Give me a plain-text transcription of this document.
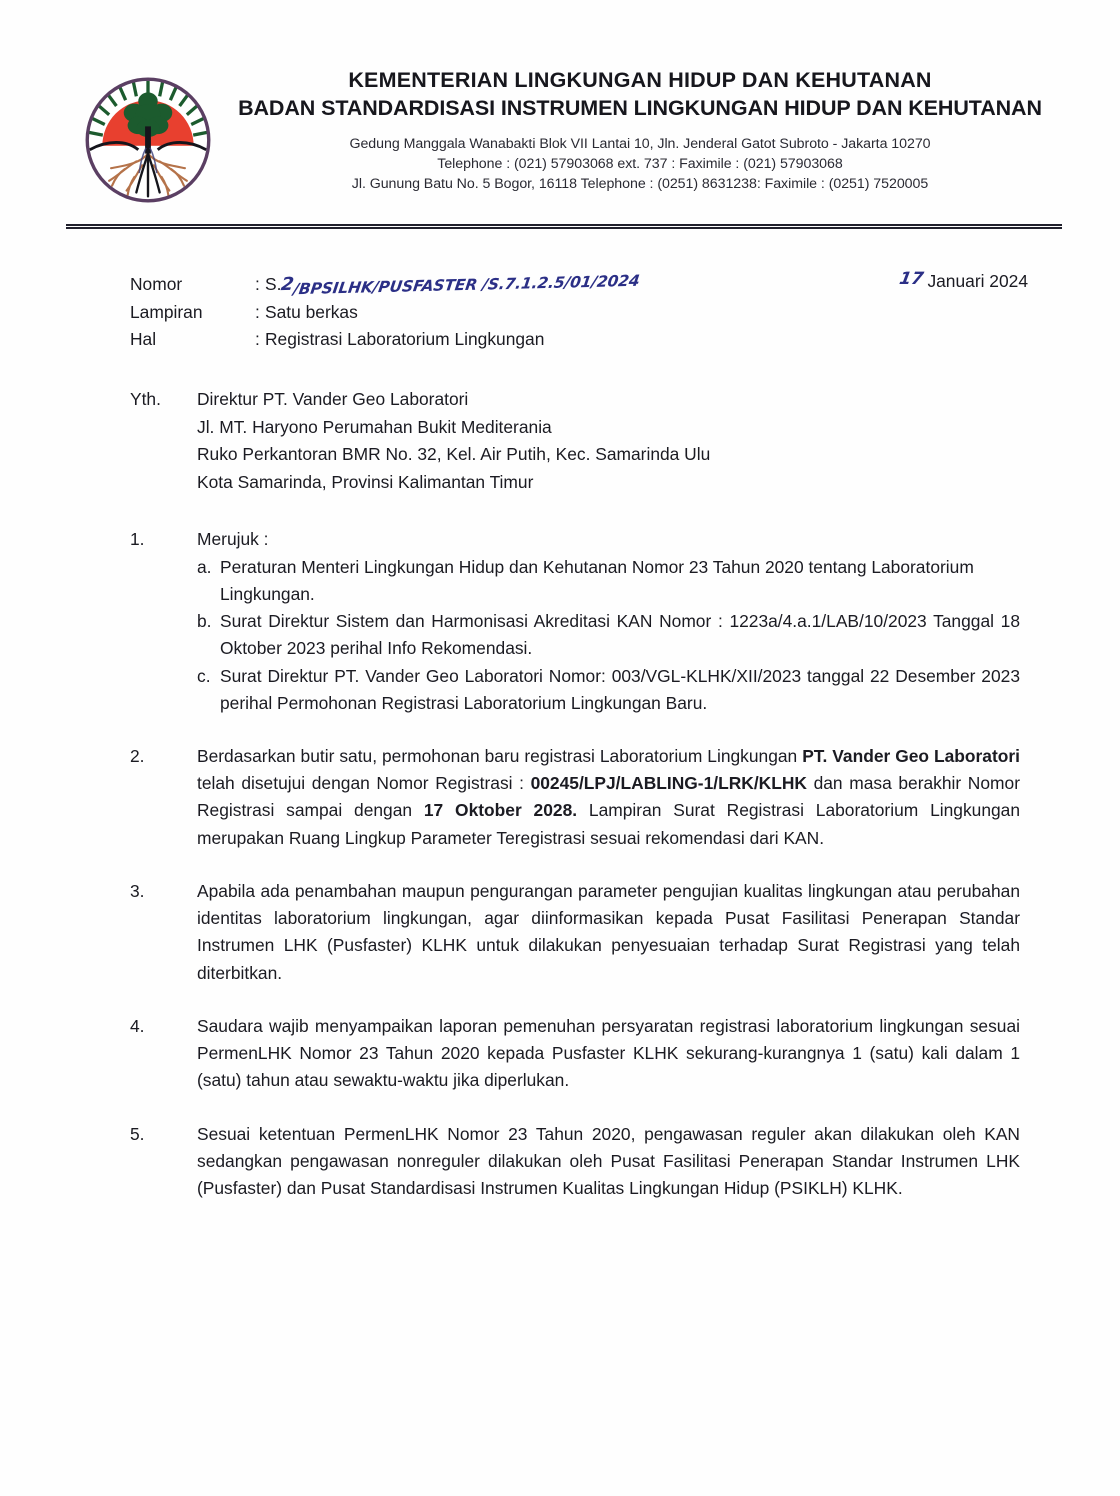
KEMENTERIAN LINGKUNGAN HIDUP DAN KEHUTANAN
BADAN STANDARDISASI INSTRUMEN LINGKUNGAN HIDUP DAN KEHUTANAN
Gedung Manggala Wanabakti Blok VII Lantai 10, Jln. Jenderal Gatot Subroto - Jakarta 10270
Telephone : (021) 57903068 ext. 737 : Faximile : (021) 57903068
Jl. Gunung Batu No. 5 Bogor, 16118 Telephone : (0251) 8631238: Faximile : (0251) 7520005
Nomor	: S.2/BPSILHK/PUSFASTER /S.7.1.2.5/01/2024
Lampiran	: Satu berkas
Hal	: Registrasi Laboratorium Lingkungan
17 Januari 2024
Yth.	Direktur PT. Vander Geo Laboratori
Jl. MT. Haryono Perumahan Bukit Mediterania
Ruko Perkantoran BMR No. 32, Kel. Air Putih, Kec. Samarinda Ulu
Kota Samarinda, Provinsi Kalimantan Timur
1.	Merujuk :

a. Peraturan Menteri Lingkungan Hidup dan Kehutanan Nomor 23 Tahun 2020 tentang Laboratorium Lingkungan.
b. Surat Direktur Sistem dan Harmonisasi Akreditasi KAN Nomor : 1223a/4.a.1/LAB/10/2023 Tanggal 18 Oktober 2023 perihal Info Rekomendasi.
c. Surat Direktur PT. Vander Geo Laboratori Nomor: 003/VGL-KLHK/XII/2023 tanggal 22 Desember 2023 perihal Permohonan Registrasi Laboratorium Lingkungan Baru.
2.	Berdasarkan butir satu, permohonan baru registrasi Laboratorium Lingkungan PT. Vander Geo Laboratori telah disetujui dengan Nomor Registrasi : 00245/LPJ/LABLING-1/LRK/KLHK dan masa berakhir Nomor Registrasi sampai dengan 17 Oktober 2028. Lampiran Surat Registrasi Laboratorium Lingkungan merupakan Ruang Lingkup Parameter Teregistrasi sesuai rekomendasi dari KAN.

3.	Apabila ada penambahan maupun pengurangan parameter pengujian kualitas lingkungan atau perubahan identitas laboratorium lingkungan, agar diinformasikan kepada Pusat Fasilitasi Penerapan Standar Instrumen LHK (Pusfaster) KLHK untuk dilakukan penyesuaian terhadap Surat Registrasi yang telah diterbitkan.

4.	Saudara wajib menyampaikan laporan pemenuhan persyaratan registrasi laboratorium lingkungan sesuai PermenLHK Nomor 23 Tahun 2020 kepada Pusfaster KLHK sekurang-kurangnya 1 (satu) kali dalam 1 (satu) tahun atau sewaktu-waktu jika diperlukan.

5.	Sesuai ketentuan PermenLHK Nomor 23 Tahun 2020, pengawasan reguler akan dilakukan oleh KAN sedangkan pengawasan nonreguler dilakukan oleh Pusat Fasilitasi Penerapan Standar Instrumen LHK (Pusfaster) dan Pusat Standardisasi Instrumen Kualitas Lingkungan Hidup (PSIKLH) KLHK.
